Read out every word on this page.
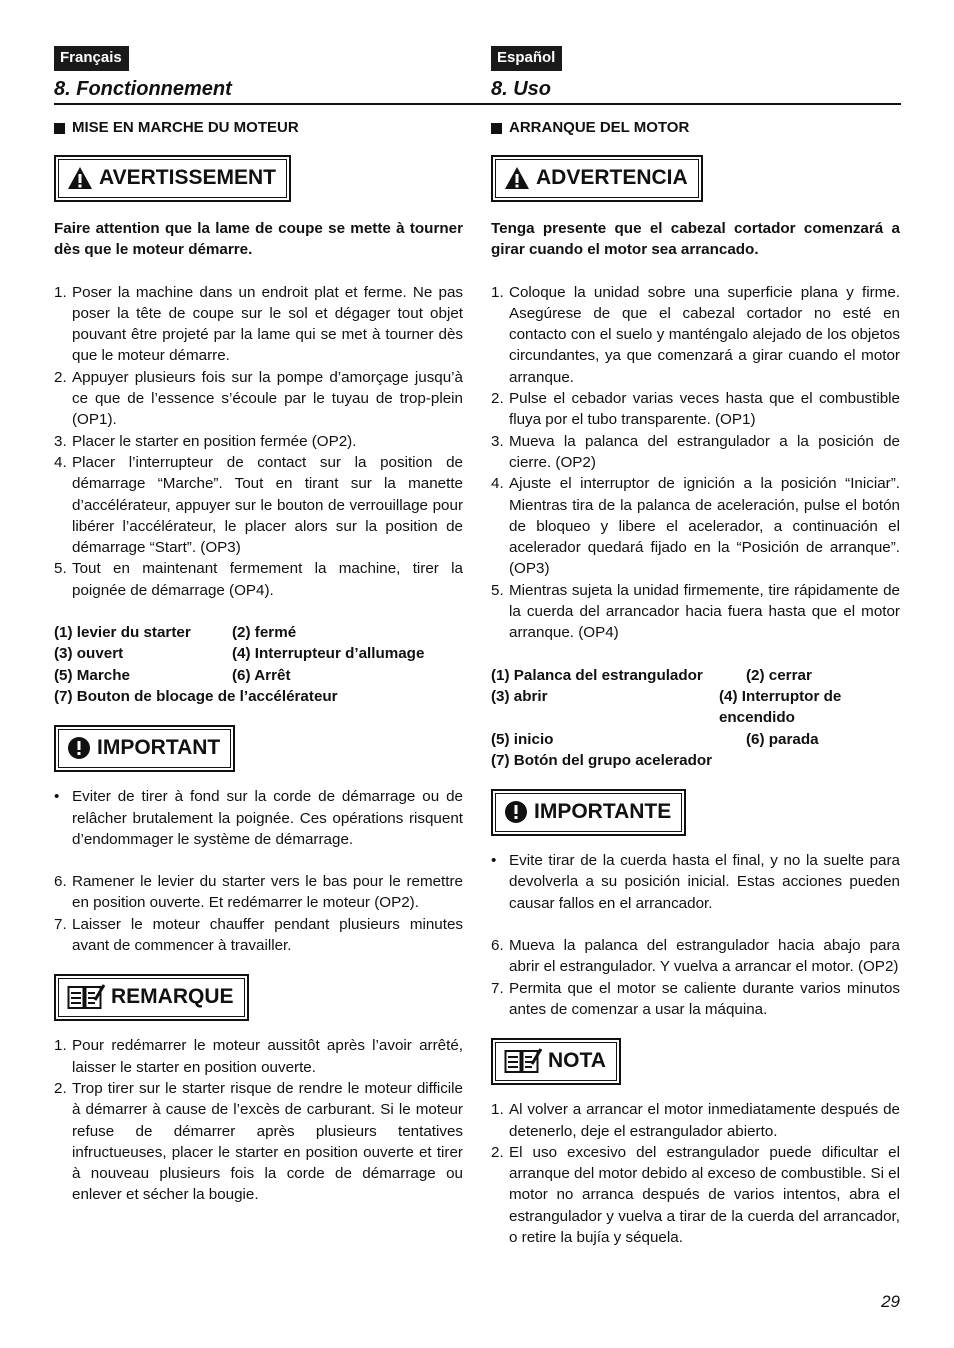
Français
8. Fonctionnement
MISE EN MARCHE DU MOTEUR
AVERTISSEMENT

Faire attention que la lame de coupe se mette à tourner dès que le moteur démarre.

1. Poser la machine dans un endroit plat et ferme. Ne pas poser la tête de coupe sur le sol et dégager tout objet pouvant être projeté par la lame qui se met à tourner dès que le moteur démarre.
2. Appuyer plusieurs fois sur la pompe d’amorçage jusqu’à ce que de l’essence s’écoule par le tuyau de trop-plein (OP1).
3. Placer le starter en position fermée (OP2).
4. Placer l’interrupteur de contact sur la position de démarrage “Marche”. Tout en tirant sur la manette d’accélérateur, appuyer sur le bouton de verrouillage pour libérer l’accélérateur, le placer alors sur la position de démarrage “Start”. (OP3)
5. Tout en maintenant fermement la machine, tirer la poignée de démarrage (OP4).
(1) levier du starter	(2) fermé
(3) ouvert	(4) Interrupteur d’allumage
(5) Marche	(6) Arrêt
(7) Bouton de blocage de l’accélérateur
IMPORTANT
• Eviter de tirer à fond sur la corde de démarrage ou de relâcher brutalement la poignée. Ces opérations risquent d’endommager le système de démarrage.
6. Ramener le levier du starter vers le bas pour le remettre en position ouverte. Et redémarrer le moteur (OP2).
7. Laisser le moteur chauffer pendant plusieurs minutes avant de commencer à travailler.
REMARQUE
1. Pour redémarrer le moteur aussitôt après l’avoir arrêté, laisser le starter en position ouverte.
2. Trop tirer sur le starter risque de rendre le moteur difficile à démarrer à cause de l’excès de carburant. Si le moteur refuse de démarrer après plusieurs tentatives infructueuses, placer le starter en position ouverte et tirer à nouveau plusieurs fois la corde de démarrage ou enlever et sécher la bougie.
Español
8. Uso
ARRANQUE DEL MOTOR
ADVERTENCIA

Tenga presente que el cabezal cortador comenzará a girar cuando el motor sea arrancado.

1. Coloque la unidad sobre una superficie plana y firme. Asegúrese de que el cabezal cortador no esté en contacto con el suelo y manténgalo alejado de los objetos circundantes, ya que comenzará a girar cuando el motor arranque.
2. Pulse el cebador varias veces hasta que el combustible fluya por el tubo transparente. (OP1)
3. Mueva la palanca del estrangulador a la posición de cierre. (OP2)
4. Ajuste el interruptor de ignición a la posición “Iniciar”. Mientras tira de la palanca de aceleración, pulse el botón de bloqueo y libere el acelerador, a continuación el acelerador quedará fijado en la “Posición de arranque”. (OP3)
5. Mientras sujeta la unidad firmemente, tire rápidamente de la cuerda del arrancador hacia fuera hasta que el motor arranque. (OP4)
(1) Palanca del estrangulador	(2) cerrar
(3) abrir	(4) Interruptor de encendido
(5) inicio	(6) parada
(7) Botón del grupo acelerador
IMPORTANTE
• Evite tirar de la cuerda hasta el final, y no la suelte para devolverla a su posición inicial. Estas acciones pueden causar fallos en el arrancador.
6. Mueva la palanca del estrangulador hacia abajo para abrir el estrangulador. Y vuelva a arrancar el motor. (OP2)
7. Permita que el motor se caliente durante varios minutos antes de comenzar a usar la máquina.
NOTA
1. Al volver a arrancar el motor inmediatamente después de detenerlo, deje el estrangulador abierto.
2. El uso excesivo del estrangulador puede dificultar el arranque del motor debido al exceso de combustible. Si el motor no arranca después de varios intentos, abra el estrangulador y vuelva a tirar de la cuerda del arrancador, o retire la bujía y séquela.
29
